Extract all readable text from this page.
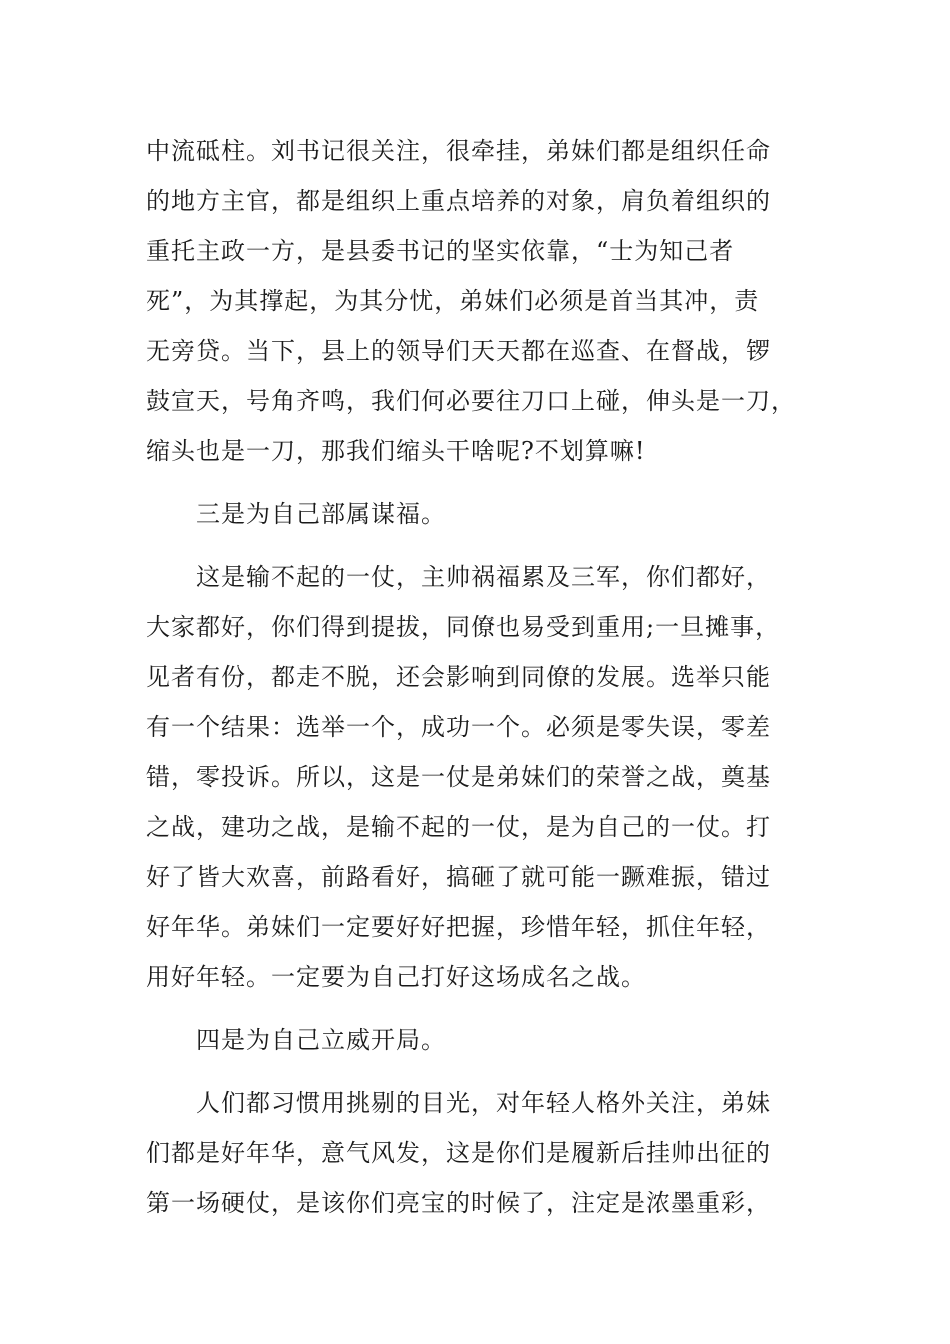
中流砥柱。刘书记很关注，很牵挂，弟妹们都是组织任命
的地方主官，都是组织上重点培养的对象，肩负着组织的
重托主政一方，是县委书记的坚实依靠，“士为知己者
死”，为其撑起，为其分忧，弟妹们必须是首当其冲，责
无旁贷。当下，县上的领导们天天都在巡查、在督战，锣
鼓宣天，号角齐鸣，我们何必要往刀口上碰，伸头是一刀，
缩头也是一刀，那我们缩头干啥呢?不划算嘛!
三是为自己部属谋福。
这是输不起的一仗，主帅祸福累及三军，你们都好，
大家都好，你们得到提拔，同僚也易受到重用;一旦摊事，
见者有份，都走不脱，还会影响到同僚的发展。选举只能
有一个结果：选举一个，成功一个。必须是零失误，零差
错，零投诉。所以，这是一仗是弟妹们的荣誉之战，奠基
之战，建功之战，是输不起的一仗，是为自己的一仗。打
好了皆大欢喜，前路看好，搞砸了就可能一蹶难振，错过
好年华。弟妹们一定要好好把握，珍惜年轻，抓住年轻，
用好年轻。一定要为自己打好这场成名之战。
四是为自己立威开局。
人们都习惯用挑剔的目光，对年轻人格外关注，弟妹
们都是好年华，意气风发，这是你们是履新后挂帅出征的
第一场硬仗，是该你们亮宝的时候了，注定是浓墨重彩，
